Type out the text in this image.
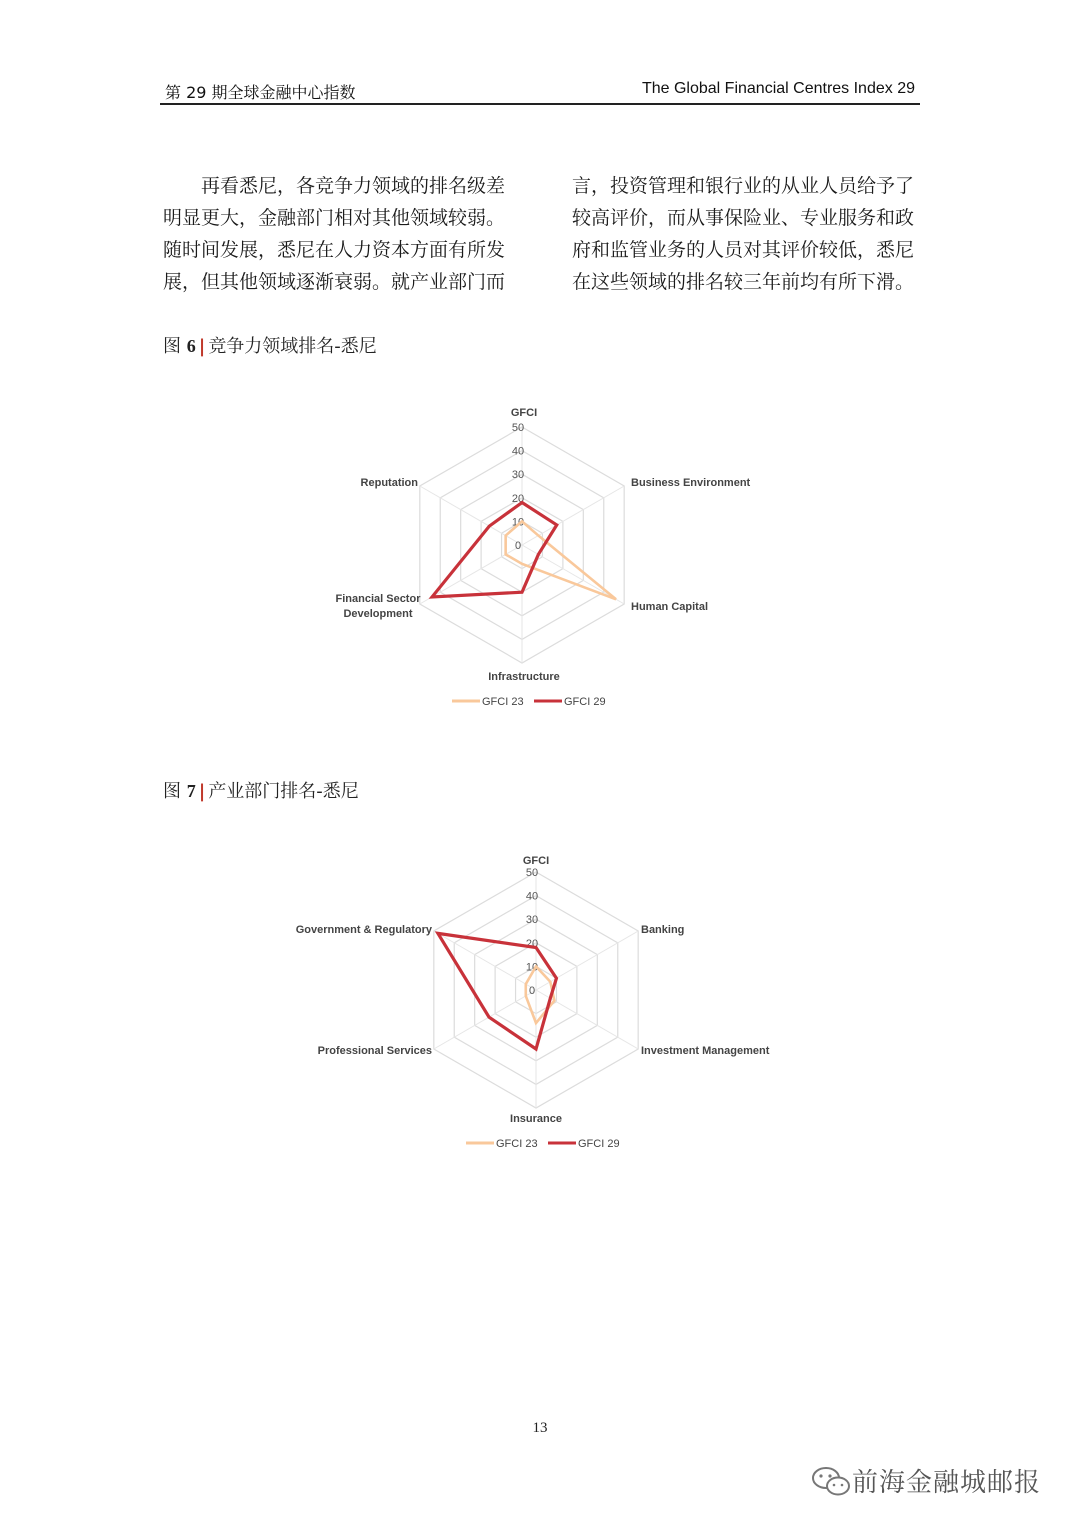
第 29 期全球金融中心指数	The Global Financial Centres Index 29

再看悉尼，各竞争力领域的排名级差明显更大，金融部门相对其他领域较弱。随时间发展，悉尼在人力资本方面有所发展，但其他领域逐渐衰弱。就产业部门而

言，投资管理和银行业的从业人员给予了较高评价，而从事保险业、专业服务和政府和监管业务的人员对其评价较低，悉尼在这些领域的排名较三年前均有所下滑。

图 6 | 竞争力领域排名-悉尼
0
10
20
30
40
50
GFCI
Business Environment
Human Capital
Infrastructure
Financial Sector
Development
Reputation
GFCI 23	GFCI 29
图 7 | 产业部门排名-悉尼
0
10
20
30
40
50
GFCI
Banking
Investment Management
Insurance
Professional Services
Government & Regulatory
GFCI 23	GFCI 29
13
前海金融城邮报
